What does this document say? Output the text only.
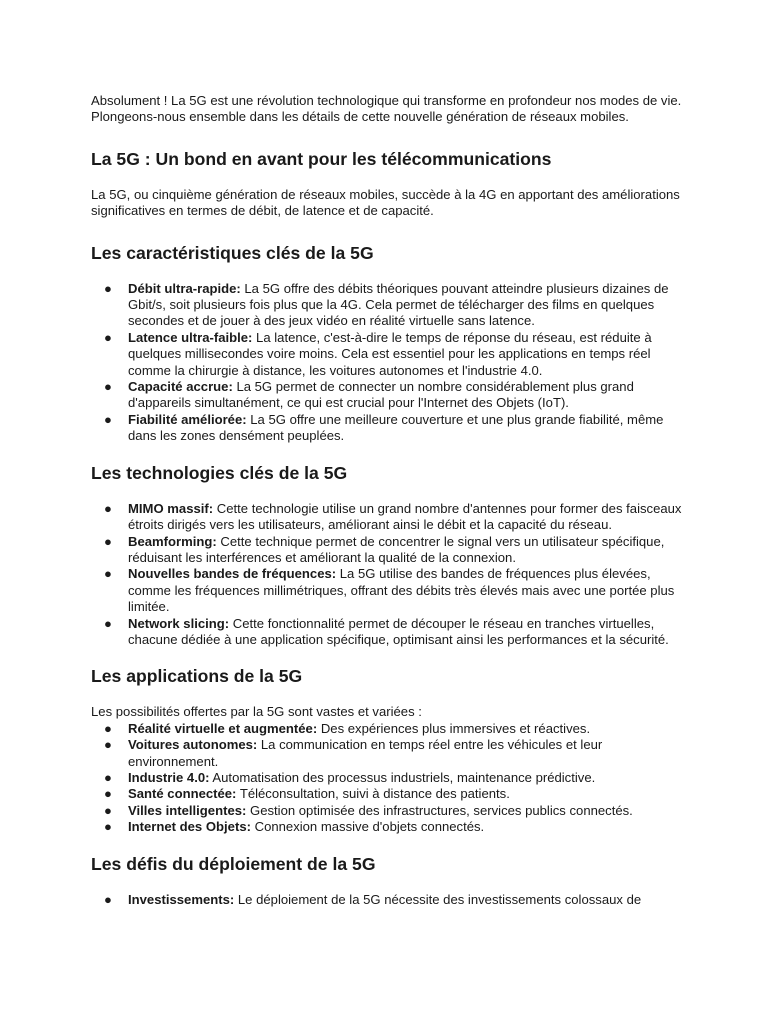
Absolument ! La 5G est une révolution technologique qui transforme en profondeur nos modes de vie. Plongeons-nous ensemble dans les détails de cette nouvelle génération de réseaux mobiles.

La 5G : Un bond en avant pour les télécommunications

La 5G, ou cinquième génération de réseaux mobiles, succède à la 4G en apportant des améliorations significatives en termes de débit, de latence et de capacité.

Les caractéristiques clés de la 5G
● Débit ultra-rapide: La 5G offre des débits théoriques pouvant atteindre plusieurs dizaines de Gbit/s, soit plusieurs fois plus que la 4G. Cela permet de télécharger des films en quelques secondes et de jouer à des jeux vidéo en réalité virtuelle sans latence.
● Latence ultra-faible: La latence, c'est-à-dire le temps de réponse du réseau, est réduite à quelques millisecondes voire moins. Cela est essentiel pour les applications en temps réel comme la chirurgie à distance, les voitures autonomes et l'industrie 4.0.
● Capacité accrue: La 5G permet de connecter un nombre considérablement plus grand d'appareils simultanément, ce qui est crucial pour l'Internet des Objets (IoT).
● Fiabilité améliorée: La 5G offre une meilleure couverture et une plus grande fiabilité, même dans les zones densément peuplées.
Les technologies clés de la 5G
● MIMO massif: Cette technologie utilise un grand nombre d'antennes pour former des faisceaux étroits dirigés vers les utilisateurs, améliorant ainsi le débit et la capacité du réseau.
● Beamforming: Cette technique permet de concentrer le signal vers un utilisateur spécifique, réduisant les interférences et améliorant la qualité de la connexion.
● Nouvelles bandes de fréquences: La 5G utilise des bandes de fréquences plus élevées, comme les fréquences millimétriques, offrant des débits très élevés mais avec une portée plus limitée.
● Network slicing: Cette fonctionnalité permet de découper le réseau en tranches virtuelles, chacune dédiée à une application spécifique, optimisant ainsi les performances et la sécurité.
Les applications de la 5G

Les possibilités offertes par la 5G sont vastes et variées :

● Réalité virtuelle et augmentée: Des expériences plus immersives et réactives.
● Voitures autonomes: La communication en temps réel entre les véhicules et leur environnement.
● Industrie 4.0: Automatisation des processus industriels, maintenance prédictive.
● Santé connectée: Téléconsultation, suivi à distance des patients.
● Villes intelligentes: Gestion optimisée des infrastructures, services publics connectés.
● Internet des Objets: Connexion massive d'objets connectés.
Les défis du déploiement de la 5G
● Investissements: Le déploiement de la 5G nécessite des investissements colossaux de
